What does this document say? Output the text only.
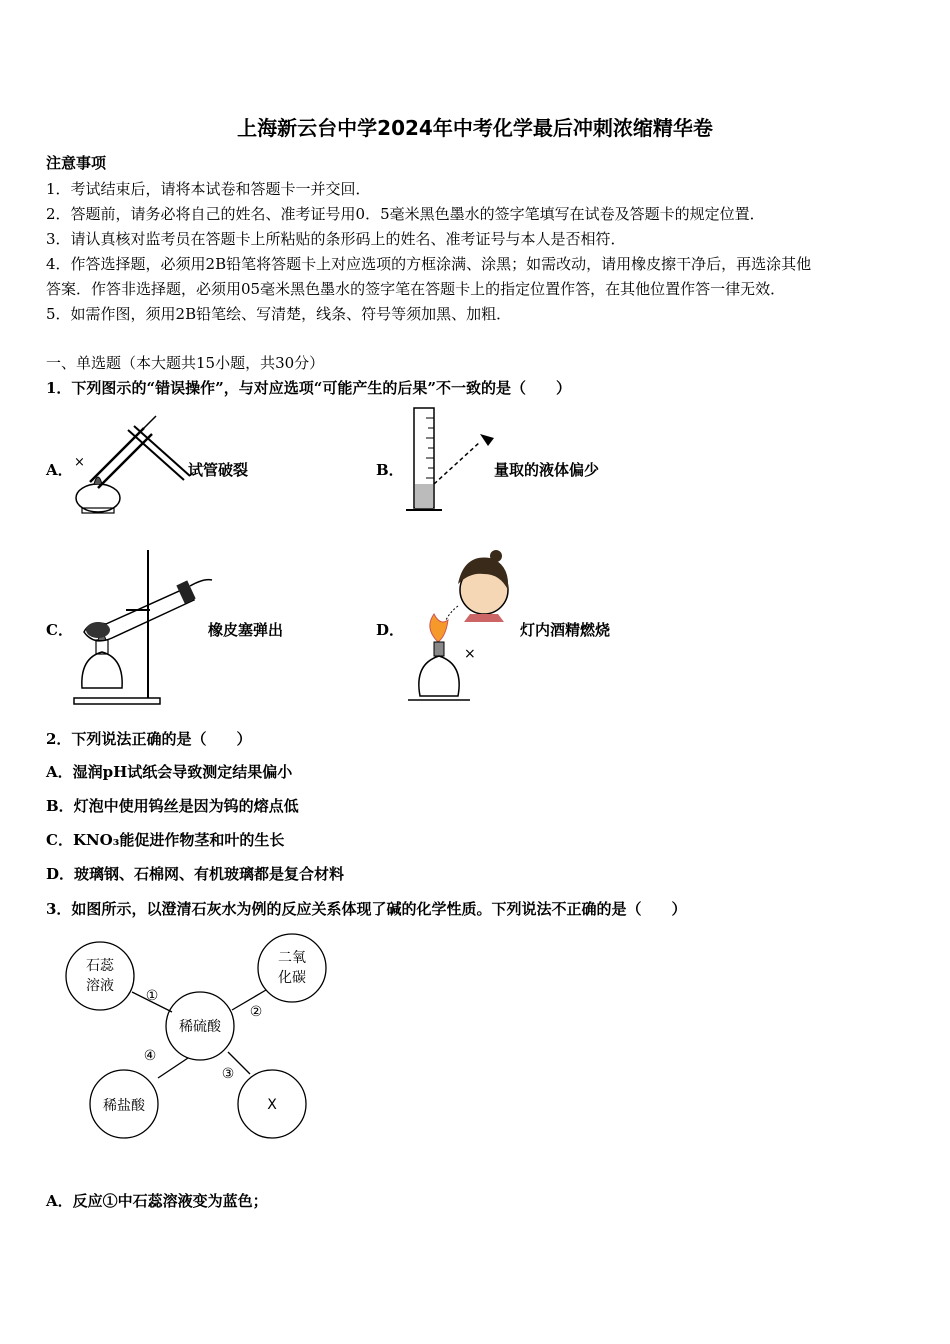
上海新云台中学2024年中考化学最后冲刺浓缩精华卷
注意事项
1．考试结束后，请将本试卷和答题卡一并交回．
2．答题前，请务必将自己的姓名、准考证号用0．5毫米黑色墨水的签字笔填写在试卷及答题卡的规定位置．
3．请认真核对监考员在答题卡上所粘贴的条形码上的姓名、准考证号与本人是否相符．
4．作答选择题，必须用2B铅笔将答题卡上对应选项的方框涂满、涂黑；如需改动，请用橡皮擦干净后，再选涂其他
答案．作答非选择题，必须用05毫米黑色墨水的签字笔在答题卡上的指定位置作答，在其他位置作答一律无效．
5．如需作图，须用2B铅笔绘、写清楚，线条、符号等须加黑、加粗．
一、单选题（本大题共15小题，共30分）
1．下列图示的“错误操作”，与对应选项“可能产生的后果”不一致的是（　　）
A． ×	试管破裂	B．	量取的液体偏少
C．	橡皮塞弹出	D．
×
灯内酒精燃烧
2．下列说法正确的是（　　）
A．湿润pH试纸会导致测定结果偏小
B．灯泡中使用钨丝是因为钨的熔点低
C．KNO₃能促进作物茎和叶的生长
D．玻璃钢、石棉网、有机玻璃都是复合材料
3．如图所示，以澄清石灰水为例的反应关系体现了碱的化学性质。下列说法不正确的是（　　）
石蕊
溶液
二氧
化碳
稀硫酸
稀盐酸	X
①
②
③
④
A．反应①中石蕊溶液变为蓝色；
